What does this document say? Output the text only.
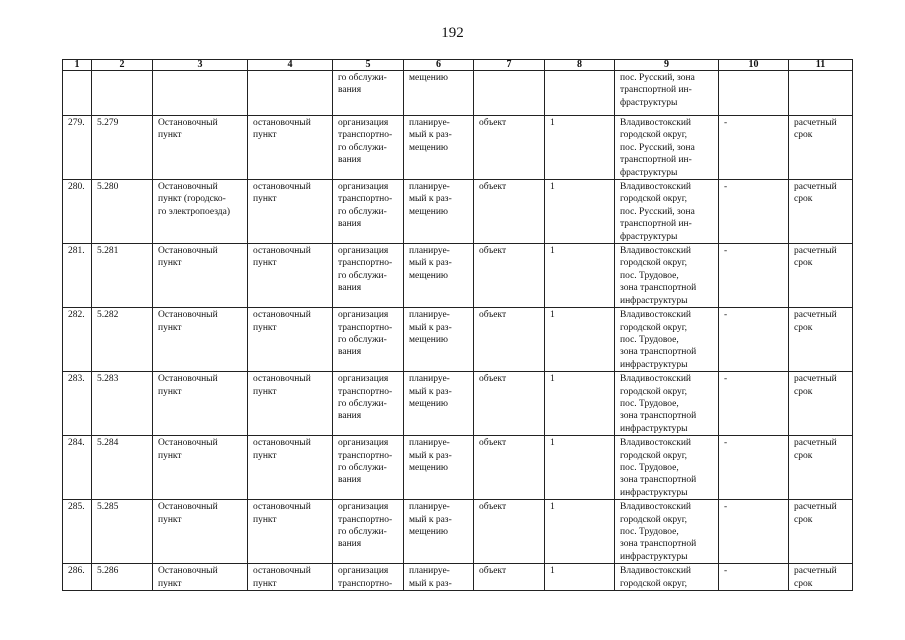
192
1	2	3	4	5	6	7	8	9	10	11

				го обслужи-
вания	мещению			пос. Русский, зона
транспортной ин-
фраструктуры		

279.	5.279	Остановочный
пункт	остановочный
пункт	организация
транспортно-
го обслужи-
вания	планируе-
мый к раз-
мещению	объект	1	Владивостокский
городской округ,
пос. Русский, зона
транспортной ин-
фраструктуры	-	расчетный
срок

280.	5.280	Остановочный
пункт (городско-
го электропоезда)	остановочный
пункт	организация
транспортно-
го обслужи-
вания	планируе-
мый к раз-
мещению	объект	1	Владивостокский
городской округ,
пос. Русский, зона
транспортной ин-
фраструктуры	-	расчетный
срок

281.	5.281	Остановочный
пункт	остановочный
пункт	организация
транспортно-
го обслужи-
вания	планируе-
мый к раз-
мещению	объект	1	Владивостокский
городской округ,
пос. Трудовое,
зона транспортной
инфраструктуры	-	расчетный
срок

282.	5.282	Остановочный
пункт	остановочный
пункт	организация
транспортно-
го обслужи-
вания	планируе-
мый к раз-
мещению	объект	1	Владивостокский
городской округ,
пос. Трудовое,
зона транспортной
инфраструктуры	-	расчетный
срок

283.	5.283	Остановочный
пункт	остановочный
пункт	организация
транспортно-
го обслужи-
вания	планируе-
мый к раз-
мещению	объект	1	Владивостокский
городской округ,
пос. Трудовое,
зона транспортной
инфраструктуры	-	расчетный
срок

284.	5.284	Остановочный
пункт	остановочный
пункт	организация
транспортно-
го обслужи-
вания	планируе-
мый к раз-
мещению	объект	1	Владивостокский
городской округ,
пос. Трудовое,
зона транспортной
инфраструктуры	-	расчетный
срок

285.	5.285	Остановочный
пункт	остановочный
пункт	организация
транспортно-
го обслужи-
вания	планируе-
мый к раз-
мещению	объект	1	Владивостокский
городской округ,
пос. Трудовое,
зона транспортной
инфраструктуры	-	расчетный
срок

286.	5.286	Остановочный
пункт	остановочный
пункт	организация
транспортно-	планируе-
мый к раз-	объект	1	Владивостокский
городской округ,	-	расчетный
срок
